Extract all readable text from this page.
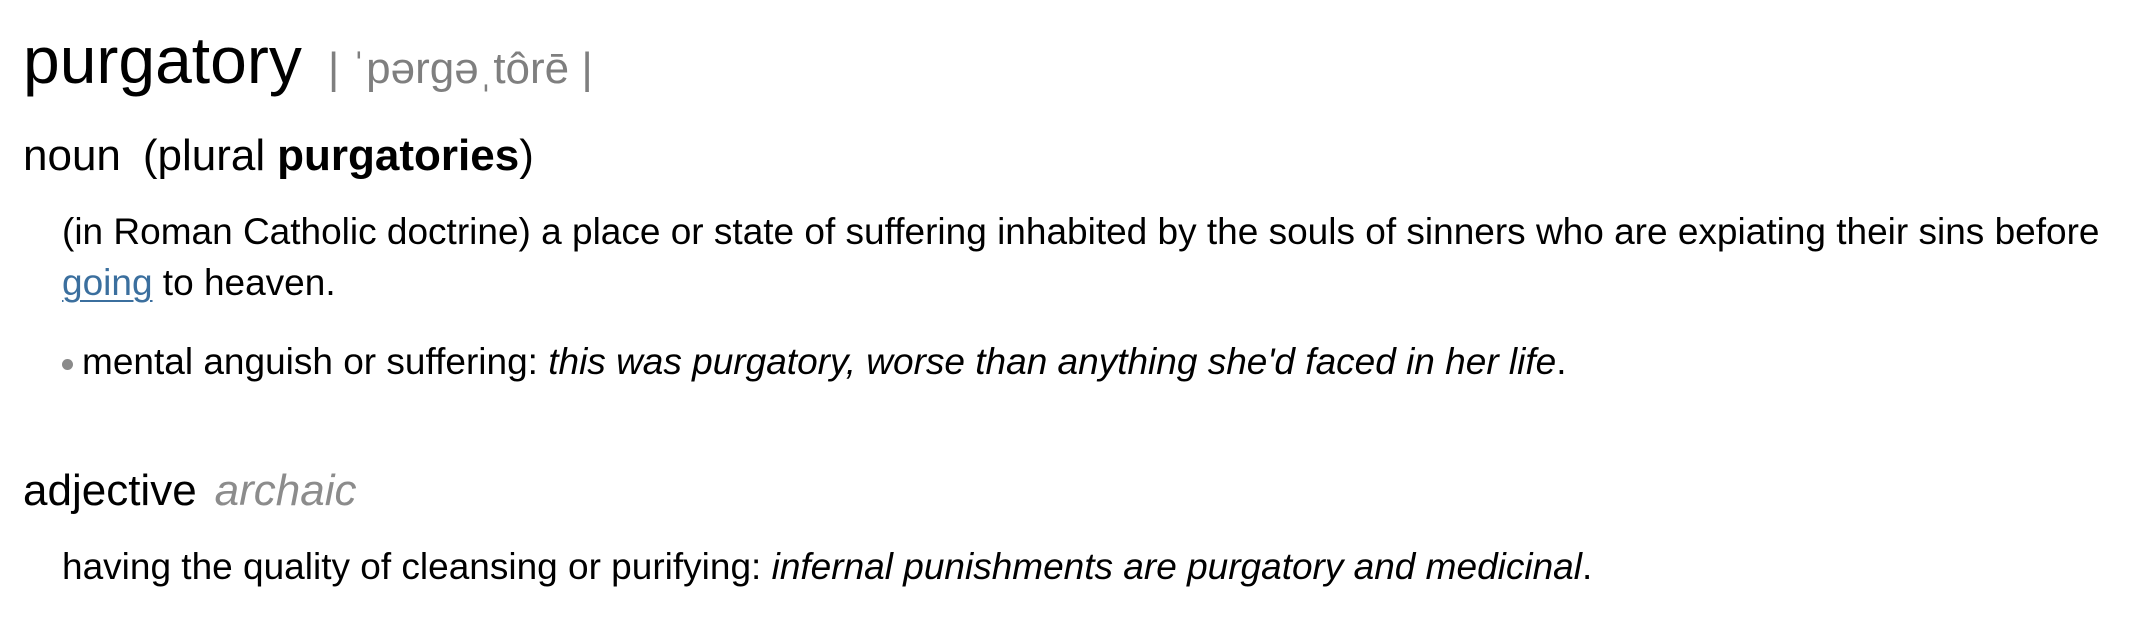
purgatory | ˈpərɡəˌtôrē |
noun (plural purgatories)
(in Roman Catholic doctrine) a place or state of suffering inhabited by the souls of sinners who are expiating their sins before going to heaven.
mental anguish or suffering: this was purgatory, worse than anything she'd faced in her life.
adjective archaic
having the quality of cleansing or purifying: infernal punishments are purgatory and medicinal.
